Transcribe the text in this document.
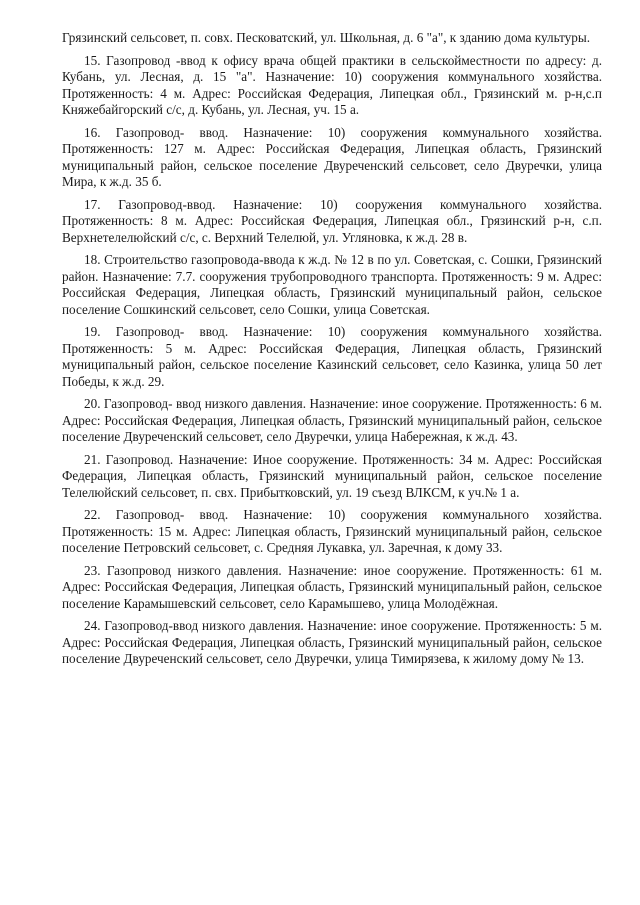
Грязинский сельсовет, п. совх. Песковатский, ул. Школьная, д. 6 "а", к зданию дома культуры.

15. Газопровод -ввод к офису врача общей практики в сельскойместности по адресу: д. Кубань, ул. Лесная, д. 15 "а". Назначение: 10) сооружения коммунального хозяйства. Протяженность: 4 м. Адрес: Российская Федерация, Липецкая обл., Грязинский м. р-н,с.п Княжебайгорский с/с, д. Кубань, ул. Лесная, уч. 15 а.

16. Газопровод- ввод. Назначение: 10) сооружения коммунального хозяйства. Протяженность: 127 м. Адрес: Российская Федерация, Липецкая область, Грязинский муниципальный район, сельское поселение Двуреченский сельсовет, село Двуречки, улица Мира, к ж.д. 35 б.

17. Газопровод-ввод. Назначение: 10) сооружения коммунального хозяйства. Протяженность: 8 м. Адрес: Российская Федерация, Липецкая обл., Грязинский р-н, с.п. Верхнетелелюйский с/с, с. Верхний Телелюй, ул. Угляновка, к ж.д. 28 в.

18. Строительство газопровода-ввода к ж.д. № 12 в по ул. Советская, с. Сошки, Грязинский район. Назначение: 7.7. сооружения трубопроводного транспорта. Протяженность: 9 м. Адрес: Российская Федерация, Липецкая область, Грязинский муниципальный район, сельское поселение Сошкинский сельсовет, село Сошки, улица Советская.

19. Газопровод- ввод. Назначение: 10) сооружения коммунального хозяйства. Протяженность: 5 м. Адрес: Российская Федерация, Липецкая область, Грязинский муниципальный район, сельское поселение Казинский сельсовет, село Казинка, улица 50 лет Победы, к ж.д. 29.

20. Газопровод- ввод низкого давления. Назначение: иное сооружение. Протяженность: 6 м. Адрес: Российская Федерация, Липецкая область, Грязинский муниципальный район, сельское поселение Двуреченский сельсовет, село Двуречки, улица Набережная, к ж.д. 43.

21. Газопровод. Назначение: Иное сооружение. Протяженность: 34 м. Адрес: Российская Федерация, Липецкая область, Грязинский муниципальный район, сельское поселение Телелюйский сельсовет, п. свх. Прибытковский, ул. 19 съезд ВЛКСМ, к уч.№ 1 а.

22. Газопровод- ввод. Назначение: 10) сооружения коммунального хозяйства. Протяженность: 15 м. Адрес: Липецкая область, Грязинский муниципальный район, сельское поселение Петровский сельсовет, с. Средняя Лукавка, ул. Заречная, к дому 33.

23. Газопровод низкого давления. Назначение: иное сооружение. Протяженность: 61 м. Адрес: Российская Федерация, Липецкая область, Грязинский муниципальный район, сельское поселение Карамышевский сельсовет, село Карамышево, улица Молодёжная.

24. Газопровод-ввод низкого давления. Назначение: иное сооружение. Протяженность: 5 м. Адрес: Российская Федерация, Липецкая область, Грязинский муниципальный район, сельское поселение Двуреченский сельсовет, село Двуречки, улица Тимирязева, к жилому дому № 13.
